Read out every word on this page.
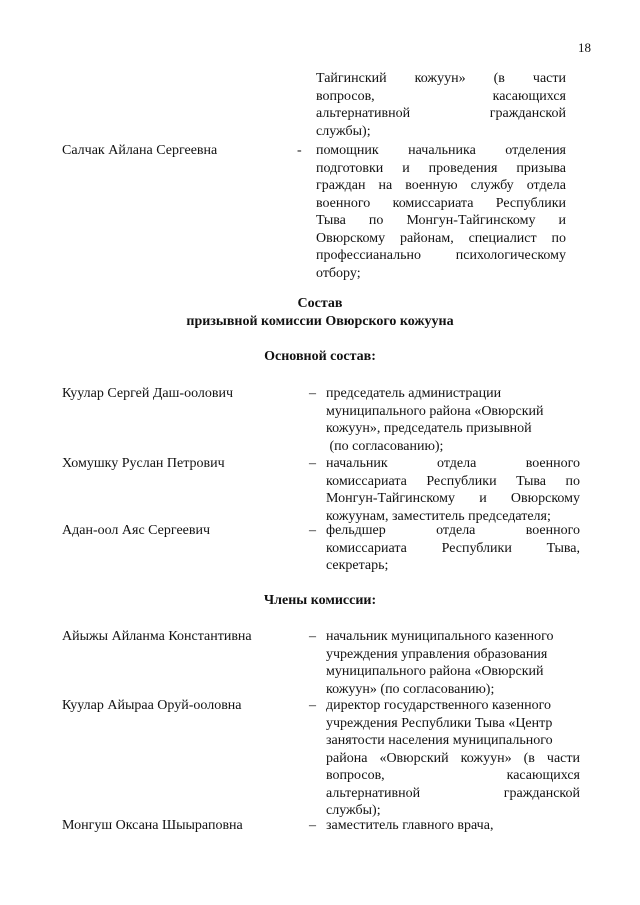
18
Тайгинский кожуун» (в части
вопросов, касающихся
альтернативной гражданской
службы);
Салчак Айлана Сергеевна	- помощник начальника отделения
подготовки и проведения призыва
граждан на военную службу отдела
военного комиссариата Республики
Тыва по Монгун-Тайгинскому и
Овюрскому районам, специалист по
профессианально психологическому
отбору;
Состав
призывной комиссии Овюрского кожууна
Основной состав:
Куулар Сергей Даш-оолович	– председатель администрации
муниципального района «Овюрский
кожуун», председатель призывной
(по согласованию);
Хомушку Руслан Петрович	– начальник отдела военного
комиссариата Республики Тыва по
Монгун-Тайгинскому и Овюрскому
кожуунам, заместитель председателя;
Адан-оол Аяс Сергеевич	– фельдшер отдела военного
комиссариата Республики Тыва,
секретарь;
Члены комиссии:
Айыжы Айланма Константивна	– начальник муниципального казенного
учреждения управления образования
муниципального района «Овюрский
кожуун» (по согласованию);
Куулар Айыраа Оруй-ооловна	– директор государственного казенного
учреждения Республики Тыва «Центр
занятости населения муниципального
района «Овюрский кожуун» (в части
вопросов, касающихся
альтернативной гражданской
службы);
Монгуш Оксана Шыыраповна	– заместитель главного врача,
